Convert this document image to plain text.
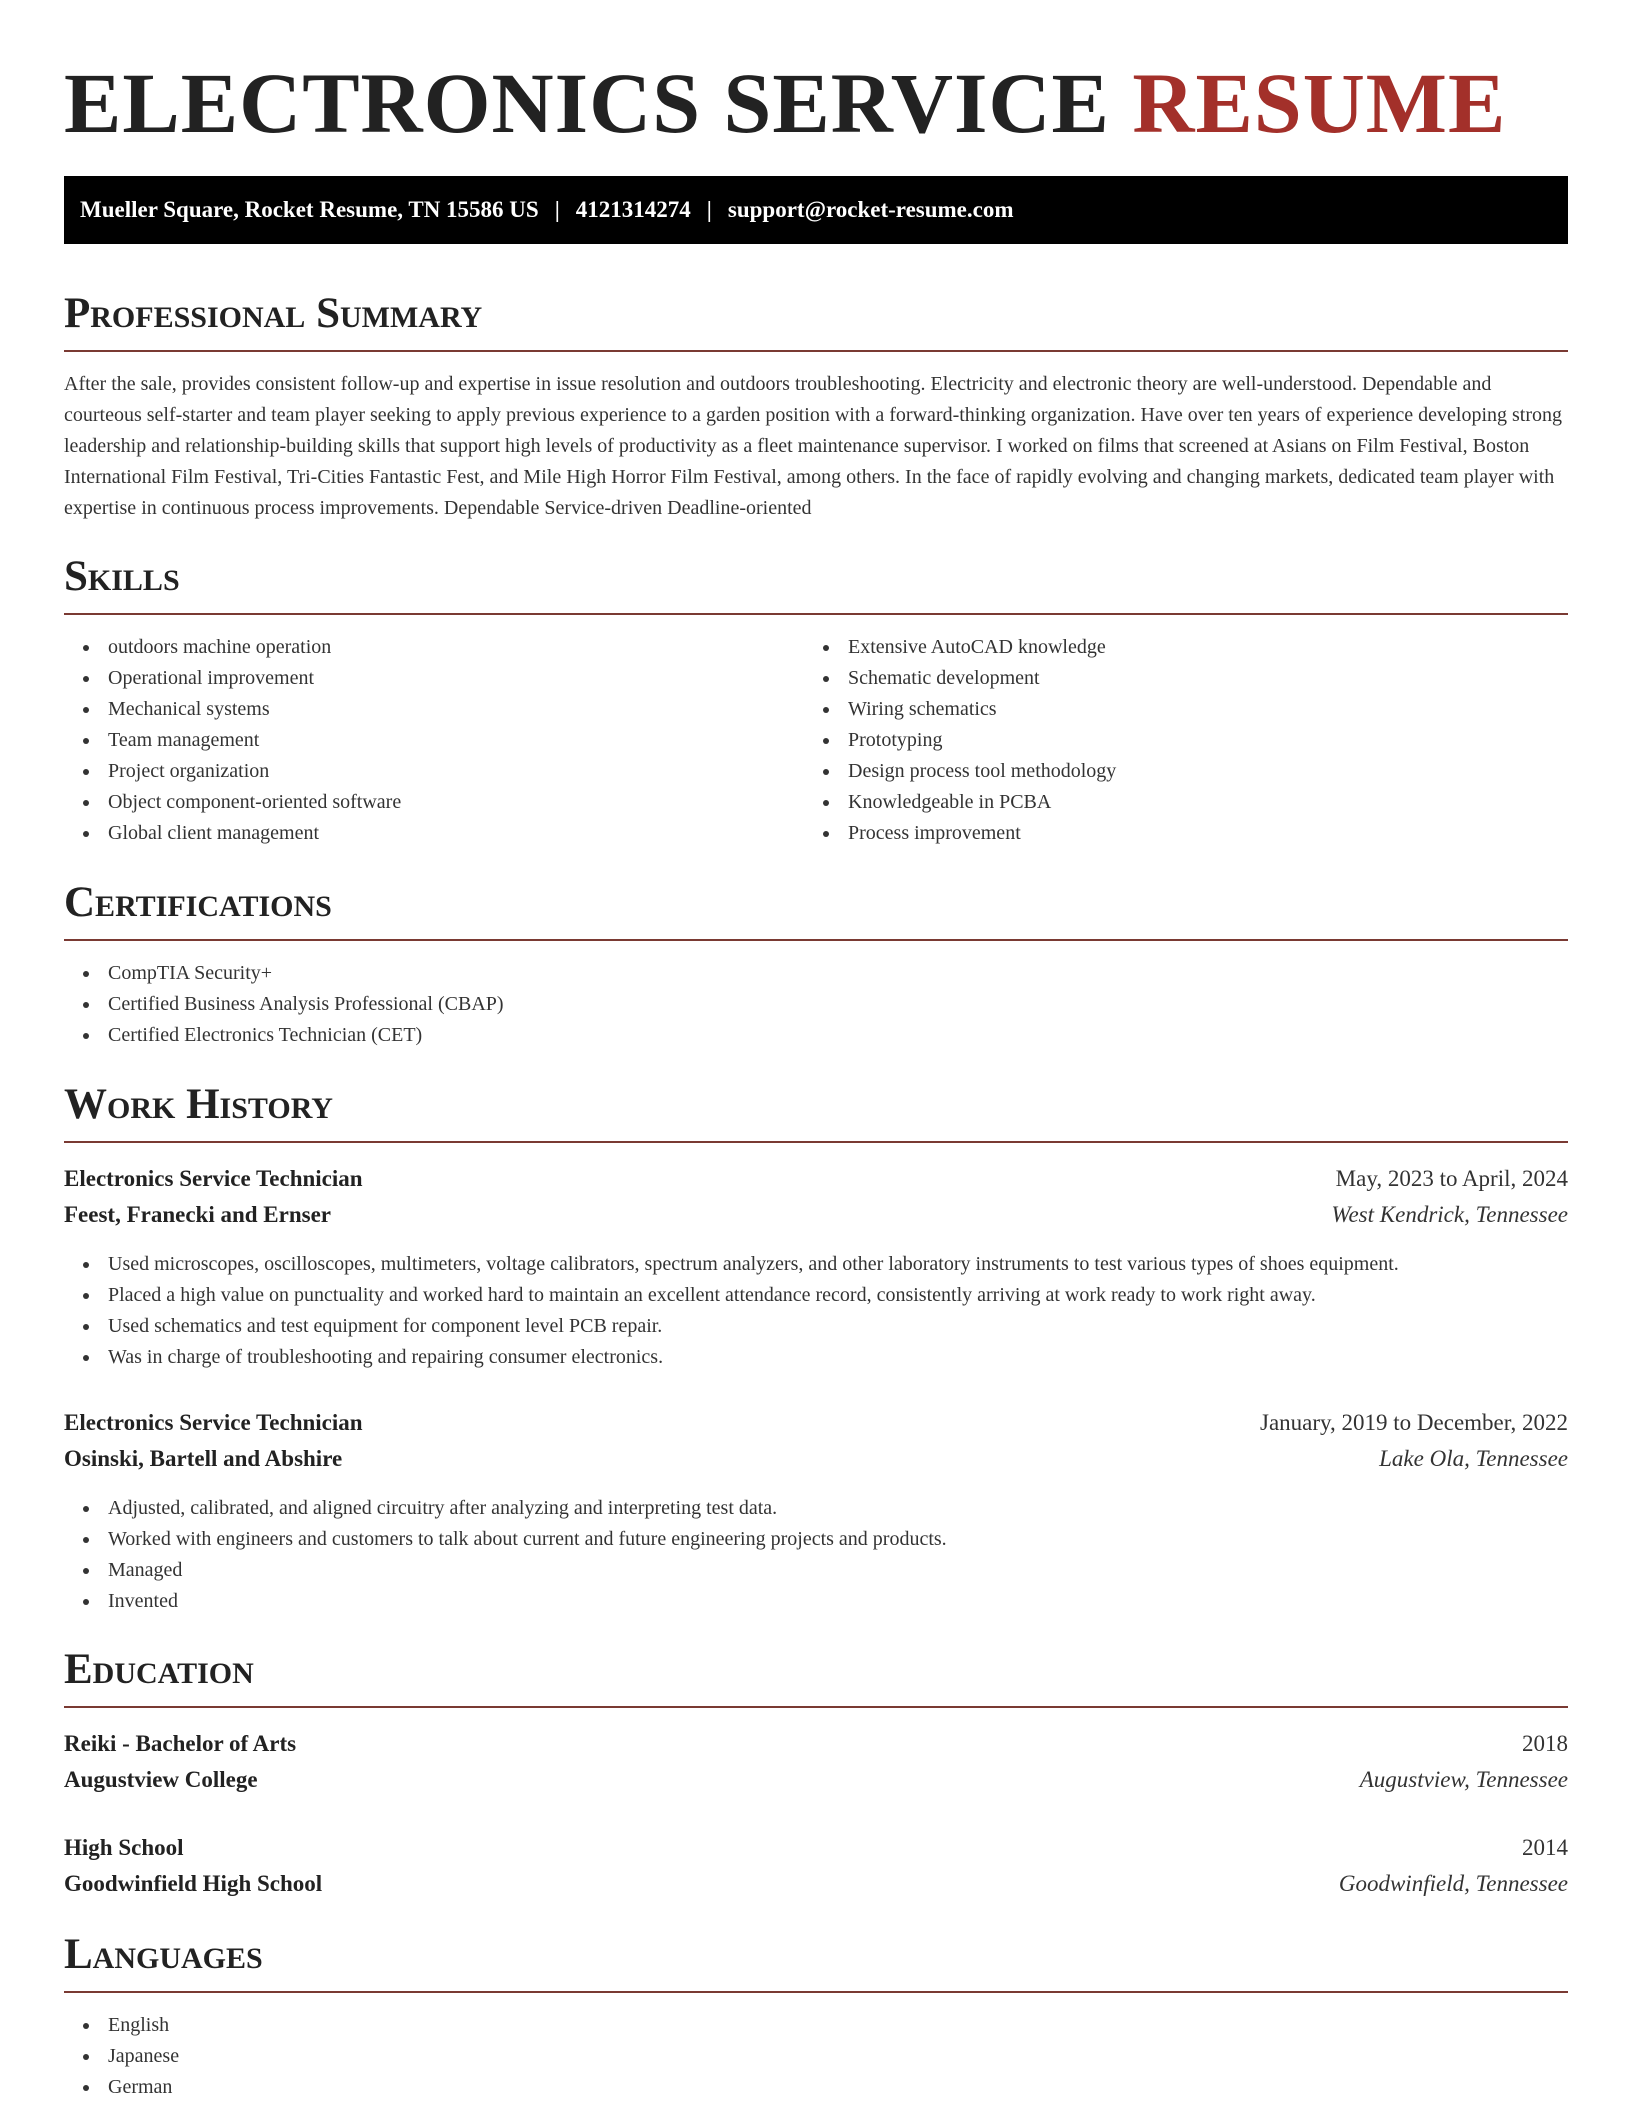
ELECTRONICS SERVICE RESUME
Mueller Square, Rocket Resume, TN 15586 US | 4121314274 | support@rocket-resume.com
Professional Summary

After the sale, provides consistent follow-up and expertise in issue resolution and outdoors troubleshooting. Electricity and electronic theory are well-understood. Dependable and courteous self-starter and team player seeking to apply previous experience to a garden position with a forward-thinking organization. Have over ten years of experience developing strong leadership and relationship-building skills that support high levels of productivity as a fleet maintenance supervisor. I worked on films that screened at Asians on Film Festival, Boston International Film Festival, Tri-Cities Fantastic Fest, and Mile High Horror Film Festival, among others. In the face of rapidly evolving and changing markets, dedicated team player with expertise in continuous process improvements. Dependable Service-driven Deadline-oriented

Skills
outdoors machine operation
Operational improvement
Mechanical systems
Team management
Project organization
Object component-oriented software
Global client management
Extensive AutoCAD knowledge
Schematic development
Wiring schematics
Prototyping
Design process tool methodology
Knowledgeable in PCBA
Process improvement
Certifications
CompTIA Security+
Certified Business Analysis Professional (CBAP)
Certified Electronics Technician (CET)
Work History
Electronics Service Technician	May, 2023 to April, 2024
Feest, Franecki and Ernser	West Kendrick, Tennessee
Used microscopes, oscilloscopes, multimeters, voltage calibrators, spectrum analyzers, and other laboratory instruments to test various types of shoes equipment.
Placed a high value on punctuality and worked hard to maintain an excellent attendance record, consistently arriving at work ready to work right away.
Used schematics and test equipment for component level PCB repair.
Was in charge of troubleshooting and repairing consumer electronics.
Electronics Service Technician	January, 2019 to December, 2022
Osinski, Bartell and Abshire	Lake Ola, Tennessee
Adjusted, calibrated, and aligned circuitry after analyzing and interpreting test data.
Worked with engineers and customers to talk about current and future engineering projects and products.
Managed
Invented
Education
Reiki - Bachelor of Arts	2018
Augustview College	Augustview, Tennessee
High School	2014
Goodwinfield High School	Goodwinfield, Tennessee
Languages
English
Japanese
German
